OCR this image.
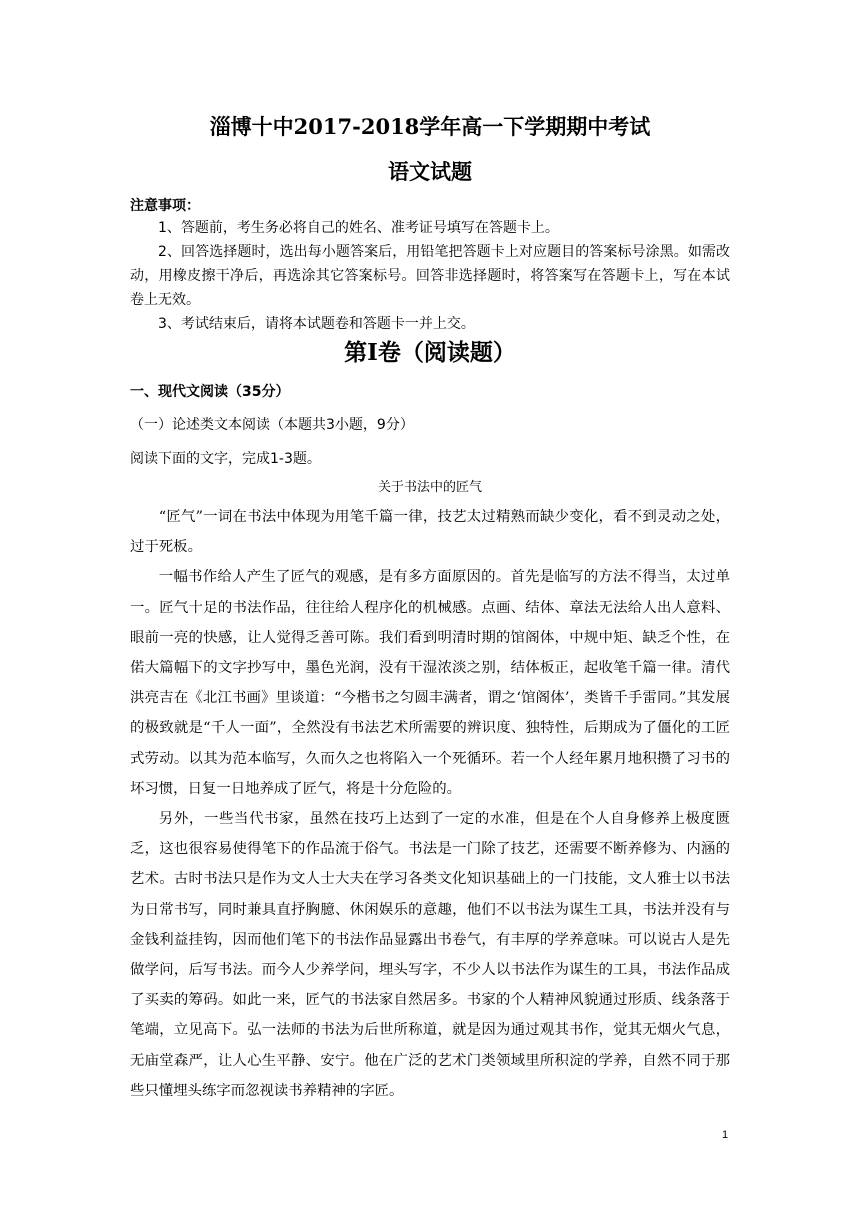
淄博十中2017-2018学年高一下学期期中考试
语文试题
注意事项：

1、答题前，考生务必将自己的姓名、准考证号填写在答题卡上。

2、回答选择题时，选出每小题答案后，用铅笔把答题卡上对应题目的答案标号涂黑。如需改动，用橡皮擦干净后，再选涂其它答案标号。回答非选择题时，将答案写在答题卡上，写在本试卷上无效。

3、考试结束后，请将本试题卷和答题卡一并上交。

第Ⅰ卷（阅读题）
一、现代文阅读（35分）
（一）论述类文本阅读（本题共3小题，9分）
阅读下面的文字，完成1-3题。
关于书法中的匠气

“匠气”一词在书法中体现为用笔千篇一律，技艺太过精熟而缺少变化，看不到灵动之处，过于死板。

一幅书作给人产生了匠气的观感，是有多方面原因的。首先是临写的方法不得当，太过单一。匠气十足的书法作品，往往给人程序化的机械感。点画、结体、章法无法给人出人意料、眼前一亮的快感，让人觉得乏善可陈。我们看到明清时期的馆阁体，中规中矩、缺乏个性，在偌大篇幅下的文字抄写中，墨色光润，没有干湿浓淡之别，结体板正，起收笔千篇一律。清代洪亮吉在《北江书画》里谈道：“今楷书之匀圆丰满者，谓之‘馆阁体’，类皆千手雷同。”其发展的极致就是“千人一面”，全然没有书法艺术所需要的辨识度、独特性，后期成为了僵化的工匠式劳动。以其为范本临写，久而久之也将陷入一个死循环。若一个人经年累月地积攒了习书的坏习惯，日复一日地养成了匠气，将是十分危险的。

另外，一些当代书家，虽然在技巧上达到了一定的水准，但是在个人自身修养上极度匮乏，这也很容易使得笔下的作品流于俗气。书法是一门除了技艺，还需要不断养修为、内涵的艺术。古时书法只是作为文人士大夫在学习各类文化知识基础上的一门技能，文人雅士以书法为日常书写，同时兼具直抒胸臆、休闲娱乐的意趣，他们不以书法为谋生工具，书法并没有与金钱利益挂钩，因而他们笔下的书法作品显露出书卷气，有丰厚的学养意味。可以说古人是先做学问，后写书法。而今人少养学问，埋头写字，不少人以书法作为谋生的工具，书法作品成了买卖的筹码。如此一来，匠气的书法家自然居多。书家的个人精神风貌通过形质、线条落于笔端，立见高下。弘一法师的书法为后世所称道，就是因为通过观其书作，觉其无烟火气息，无庙堂森严，让人心生平静、安宁。他在广泛的艺术门类领域里所积淀的学养，自然不同于那些只懂埋头练字而忽视读书养精神的字匠。

1
